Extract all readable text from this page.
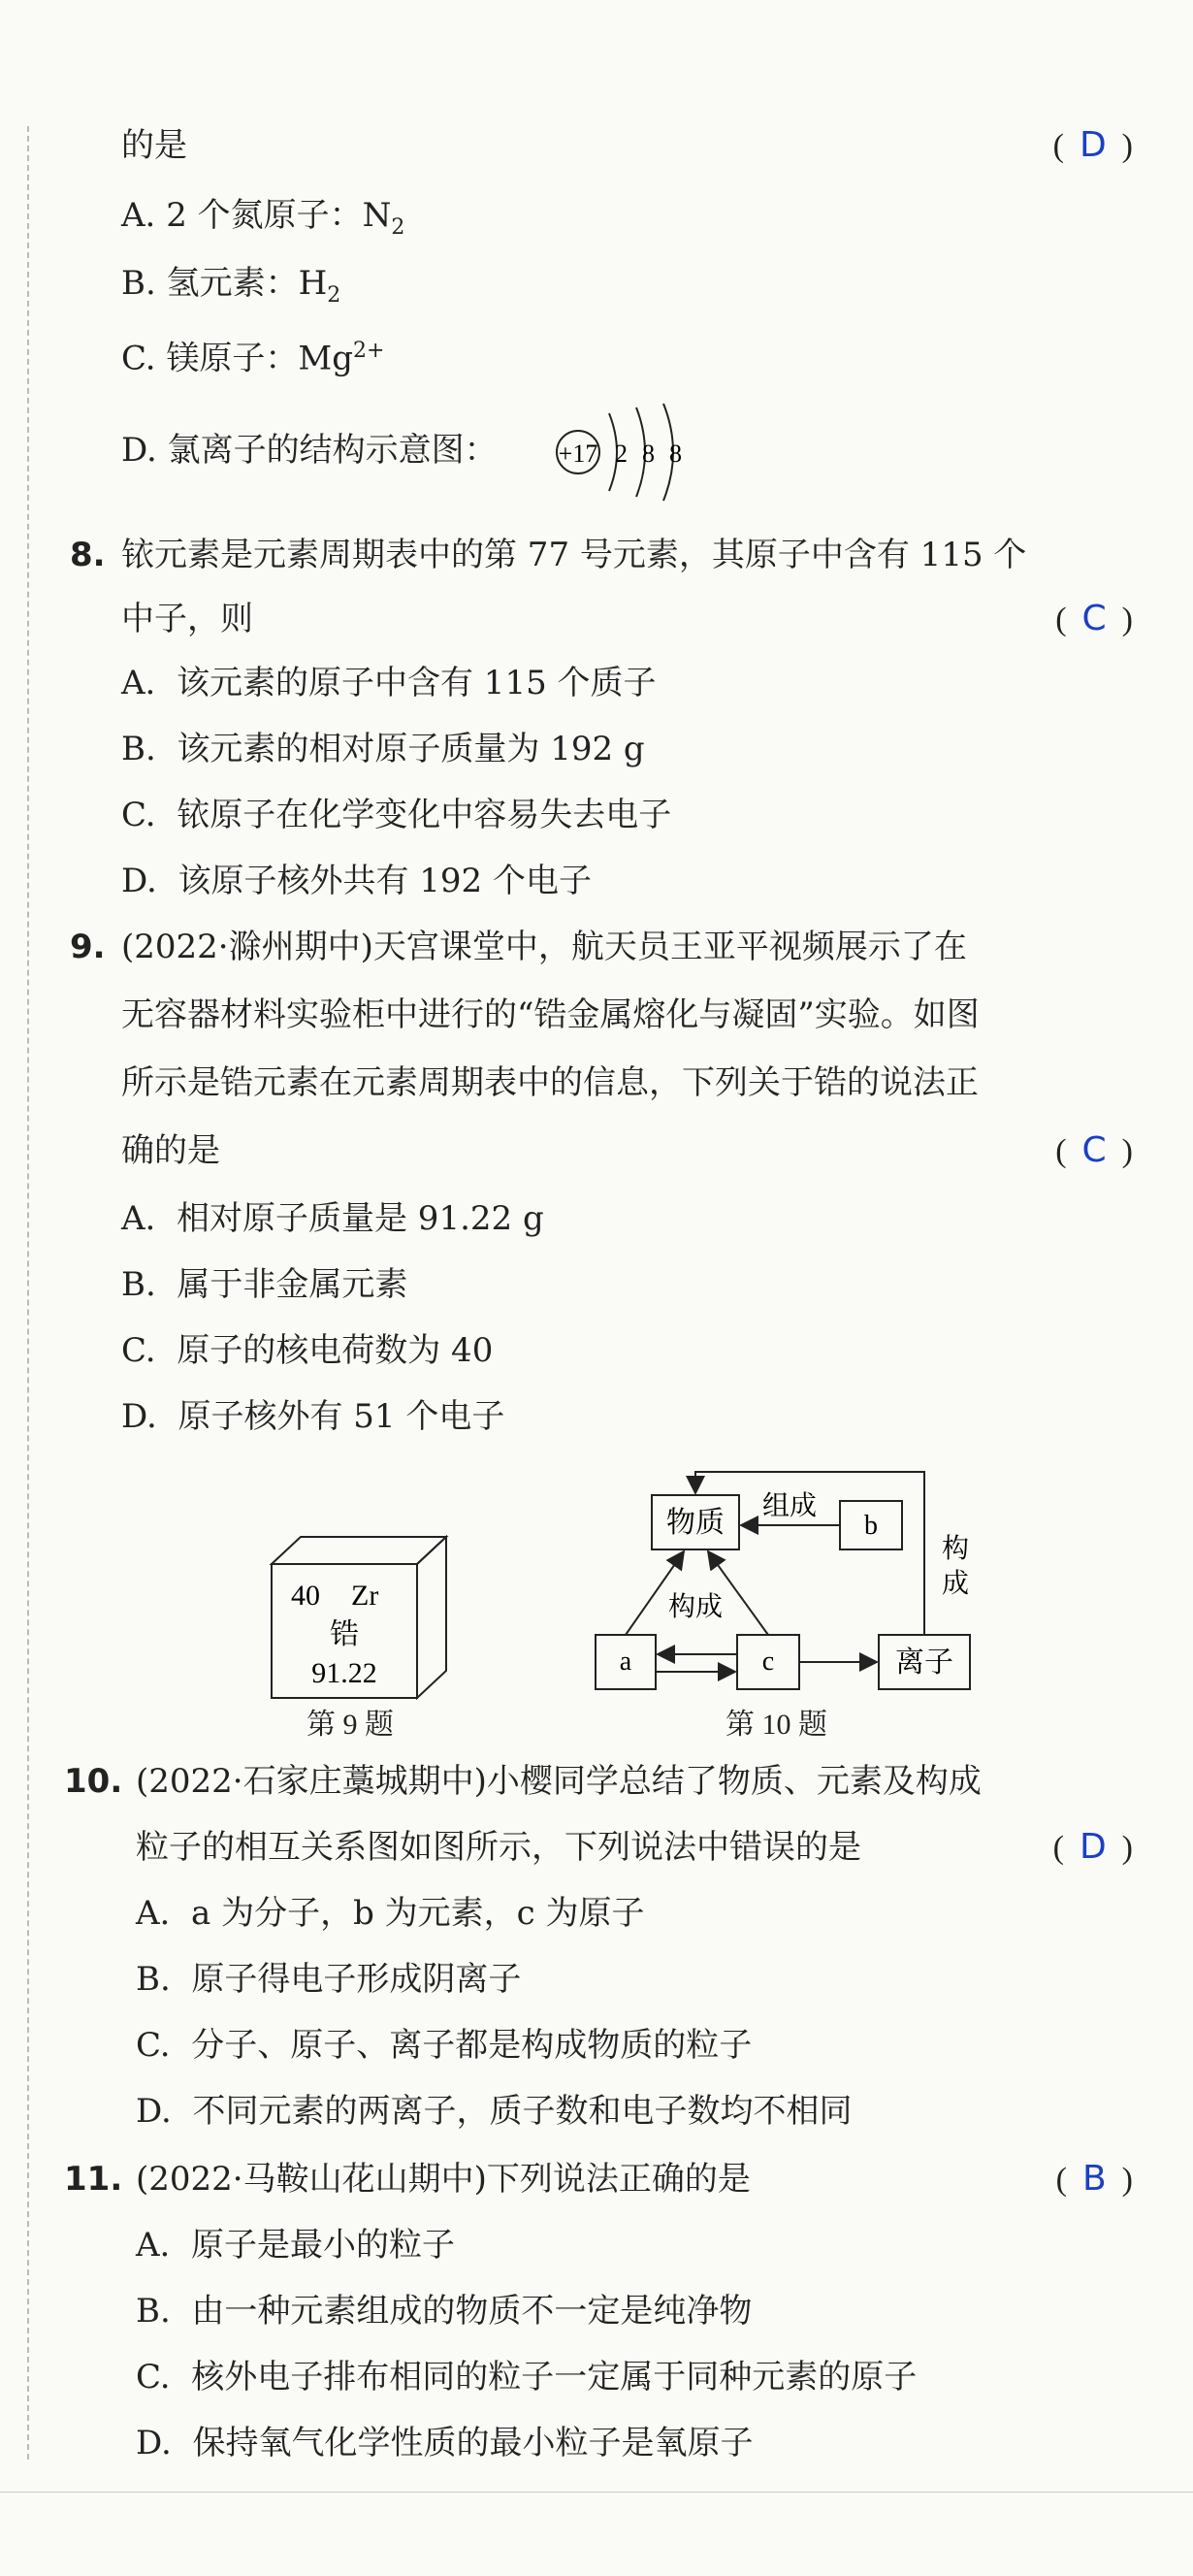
的是	( D )
A. 2 个氮原子：$N_2$
B. 氢元素：$H_2$
C. 镁原子：$Mg^{2+}$
D. 氯离子的结构示意图：	+17 2 8 8
8. 铱元素是元素周期表中的第 77 号元素，其原子中含有 115 个
中子，则	( C )
A. 该元素的原子中含有 115 个质子
B. 该元素的相对原子质量为 192 g
C. 铱原子在化学变化中容易失去电子
D. 该原子核外共有 192 个电子
9. (2022·滁州期中)天宫课堂中，航天员王亚平视频展示了在
无容器材料实验柜中进行的“锆金属熔化与凝固”实验。如图
所示是锆元素在元素周期表中的信息，下列关于锆的说法正
确的是	( C )
A. 相对原子质量是 91.22 g
B. 属于非金属元素
C. 原子的核电荷数为 40
D. 原子核外有 51 个电子
40 Zr
锆
91.22
第 9 题
物质	b
a	c	离子
组成
构成
构
成
第 10 题
10. (2022·石家庄藁城期中)小樱同学总结了物质、元素及构成
粒子的相互关系图如图所示，下列说法中错误的是	( D )
A. a 为分子，b 为元素，c 为原子
B. 原子得电子形成阴离子
C. 分子、原子、离子都是构成物质的粒子
D. 不同元素的两离子，质子数和电子数均不相同
11. (2022·马鞍山花山期中)下列说法正确的是	( B )
A. 原子是最小的粒子
B. 由一种元素组成的物质不一定是纯净物
C. 核外电子排布相同的粒子一定属于同种元素的原子
D. 保持氧气化学性质的最小粒子是氧原子
